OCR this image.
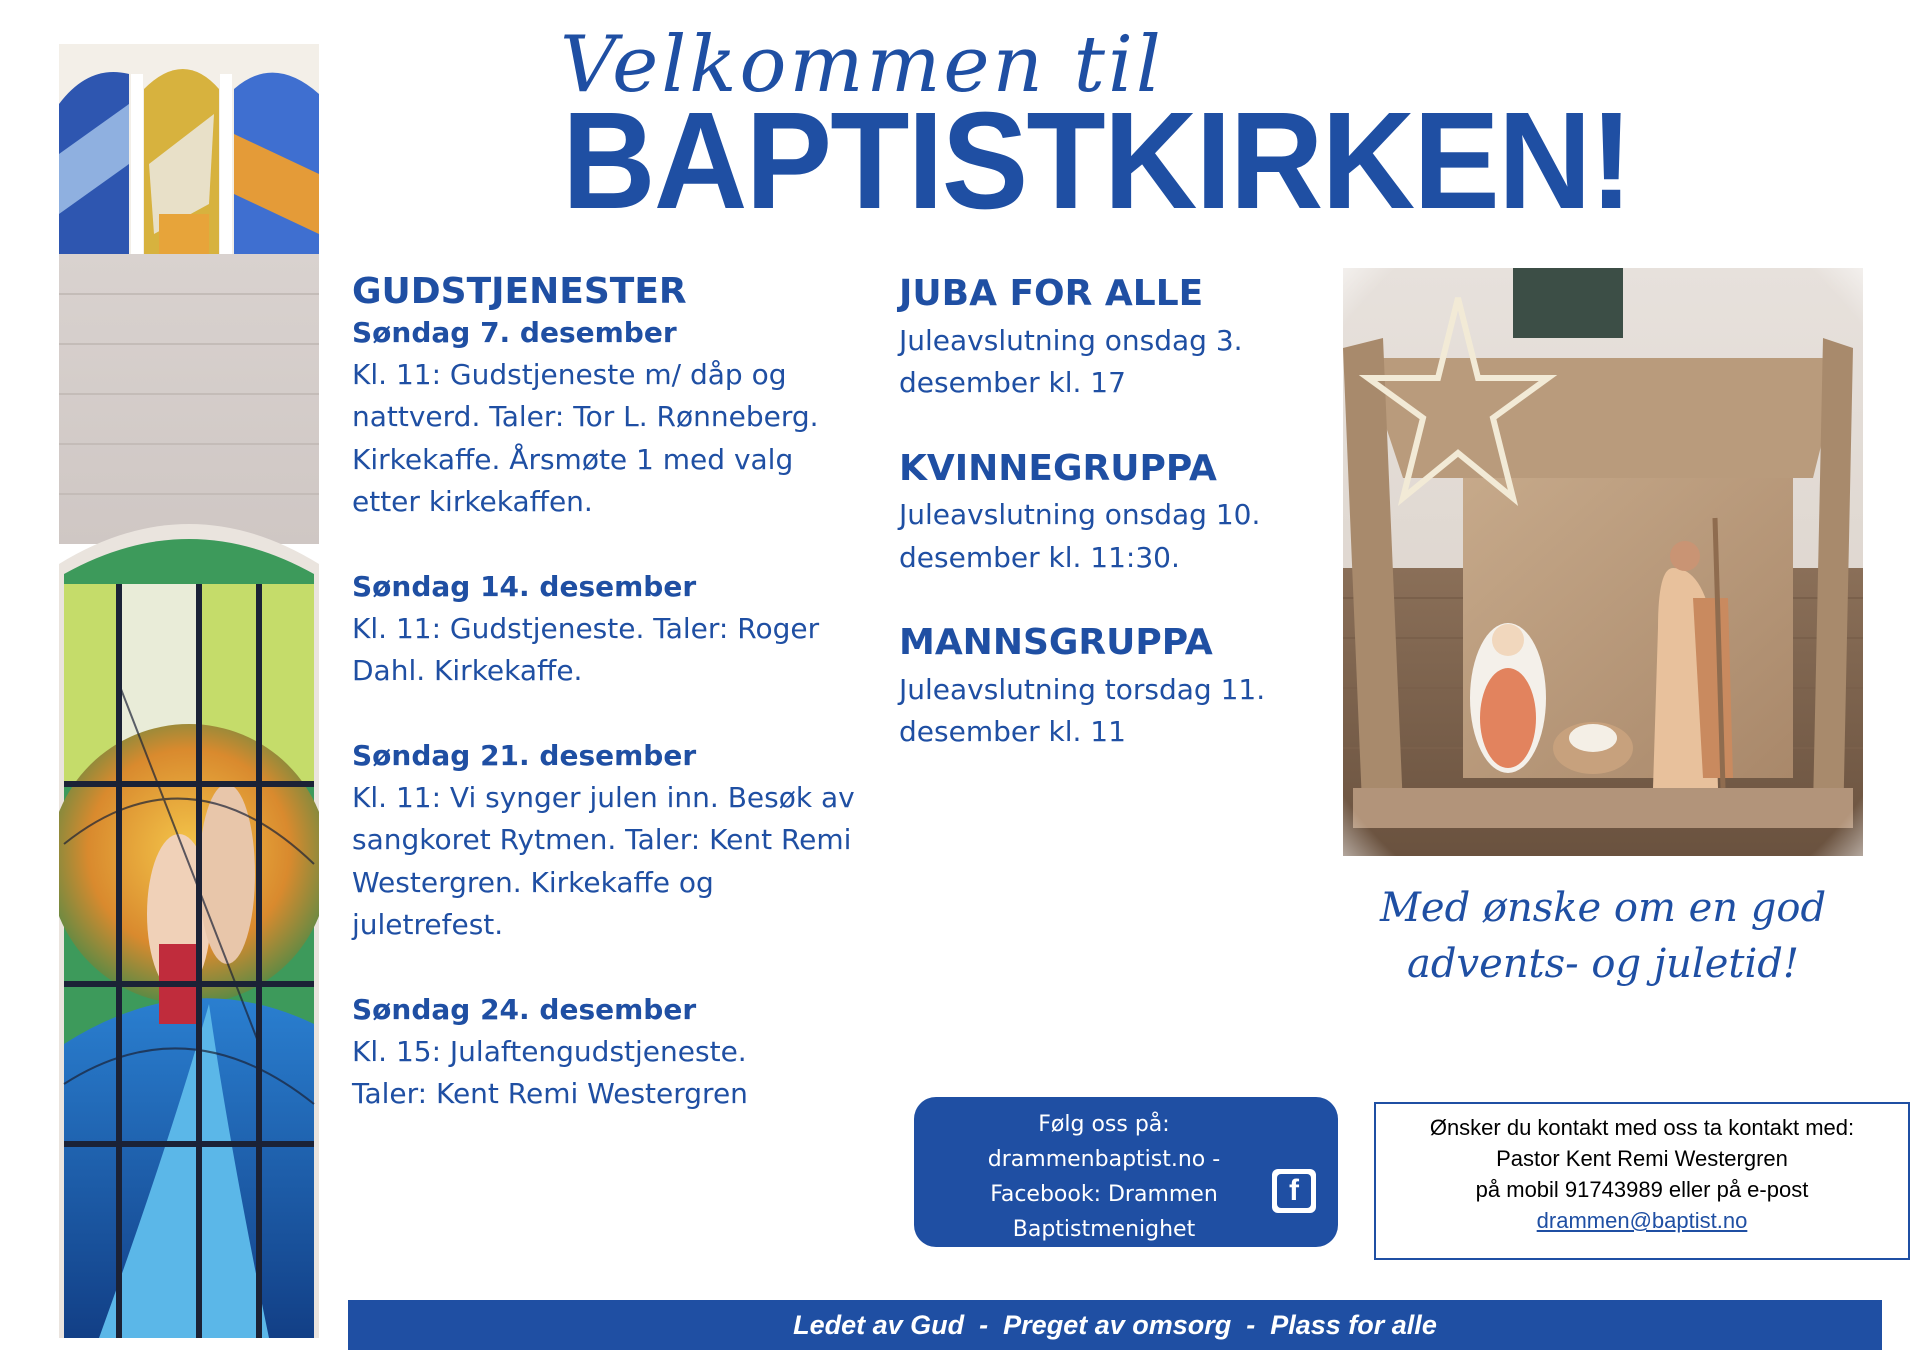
Velkommen til
BAPTISTKIRKEN!

GUDSTJENESTER

Søndag 7. desember

Kl. 11: Gudstjeneste m/ dåp og

nattverd. Taler: Tor L. Rønneberg.

Kirkekaffe. Årsmøte 1 med valg

etter kirkekaffen.

Søndag 14. desember

Kl. 11: Gudstjeneste. Taler: Roger

Dahl. Kirkekaffe.

Søndag 21. desember

Kl. 11: Vi synger julen inn. Besøk av

sangkoret Rytmen. Taler: Kent Remi

Westergren. Kirkekaffe og

juletrefest.

Søndag 24. desember

Kl. 15: Julaftengudstjeneste.

Taler: Kent Remi Westergren

JUBA FOR ALLE

Juleavslutning onsdag 3.

desember kl. 17

KVINNEGRUPPA

Juleavslutning onsdag 10.

desember kl. 11:30.

MANNSGRUPPA

Juleavslutning torsdag 11.

desember kl. 11

Med ønske om en god
advents- og juletid!
Følg oss på:
drammenbaptist.no -
Facebook: Drammen
Baptistmenighet
f
Ønsker du kontakt med oss ta kontakt med:
Pastor Kent Remi Westergren
på mobil 91743989 eller på e-post
drammen@baptist.no
Ledet av Gud  -  Preget av omsorg  -  Plass for alle
